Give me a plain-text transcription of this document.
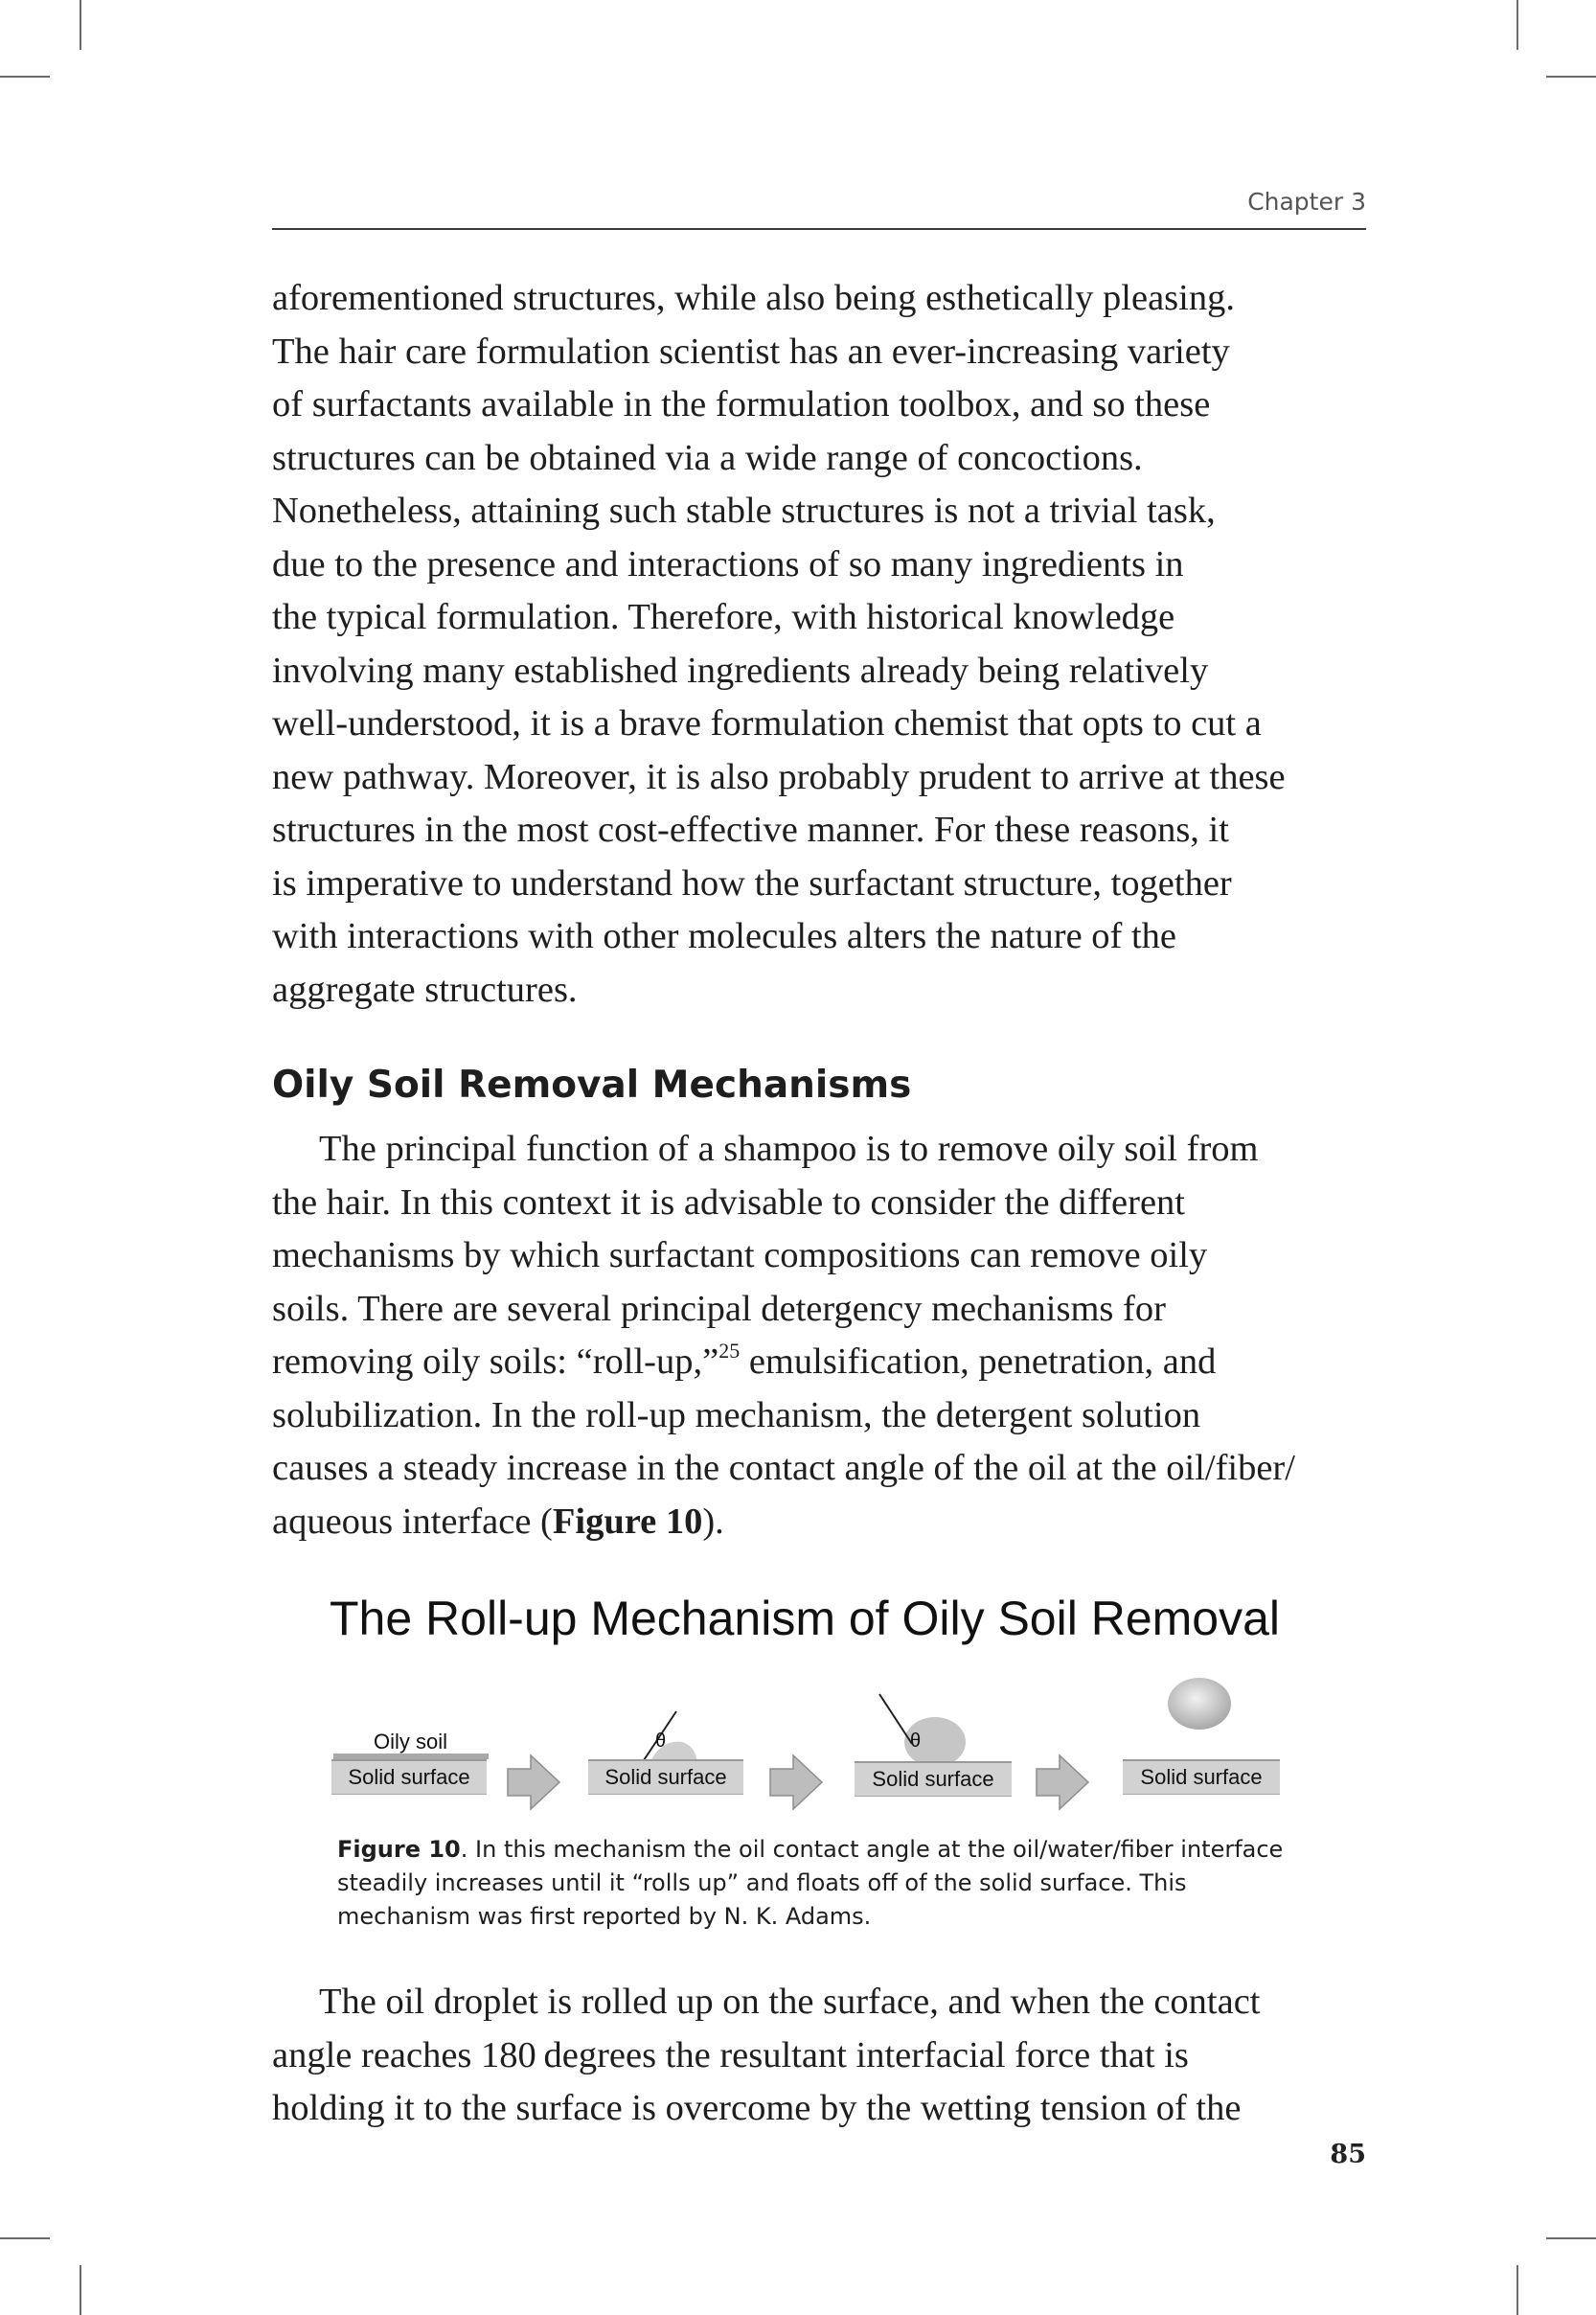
Chapter 3

aforementioned structures, while also being esthetically pleasing.
The hair care formulation scientist has an ever-increasing variety
of surfactants available in the formulation toolbox, and so these
structures can be obtained via a wide range of concoctions.
Nonetheless, attaining such stable structures is not a trivial task,
due to the presence and interactions of so many ingredients in
the typical formulation. Therefore, with historical knowledge
involving many established ingredients already being relatively
well-understood, it is a brave formulation chemist that opts to cut a
new pathway. Moreover, it is also probably prudent to arrive at these
structures in the most cost-effective manner. For these reasons, it
is imperative to understand how the surfactant structure, together
with interactions with other molecules alters the nature of the
aggregate structures.

Oily Soil Removal Mechanisms

The principal function of a shampoo is to remove oily soil from
the hair. In this context it is advisable to consider the different
mechanisms by which surfactant compositions can remove oily
soils. There are several principal detergency mechanisms for
removing oily soils: “roll-up,”$^{25}$ emulsification, penetration, and
solubilization. In the roll-up mechanism, the detergent solution
causes a steady increase in the contact angle of the oil at the oil/fiber/
aqueous interface (Figure 10).

The Roll-up Mechanism of Oily Soil Removal
Oily soil
Solid surface
θ
Solid surface
θ
Solid surface	Solid surface

Figure 10. In this mechanism the oil contact angle at the oil/water/fiber interface
steadily increases until it “rolls up” and floats off of the solid surface. This
mechanism was first reported by N. K. Adams.

The oil droplet is rolled up on the surface, and when the contact
angle reaches 180 degrees the resultant interfacial force that is
holding it to the surface is overcome by the wetting tension of the

85
